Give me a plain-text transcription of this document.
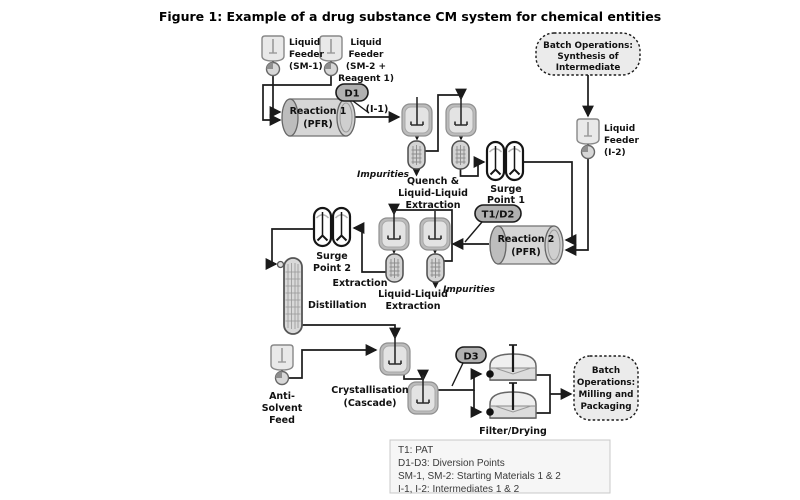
Figure 1: Example of a drug substance CM system for chemical entities
Liquid
Feeder
(SM-1)
Liquid
Feeder
(SM-2 +
Reagent 1)
Batch Operations:
Synthesis of
Intermediate
Liquid
Feeder
(I-2)
Reaction 1
(PFR)
D1
(I-1)
Impurities
Quench &
Liquid-Liquid
Extraction
Surge
Point 1
T1/D2
Reaction 2
(PFR)
Surge
Point 2
Extraction
Liquid-Liquid
Extraction
Impurities
Distillation
Anti-
Solvent
Feed
Crystallisation
(Cascade)
D3
Filter/Drying
Batch
Operations:
Milling and
Packaging
T1: PAT
D1-D3: Diversion Points
SM-1, SM-2: Starting Materials 1 & 2
I-1, I-2: Intermediates 1 & 2
